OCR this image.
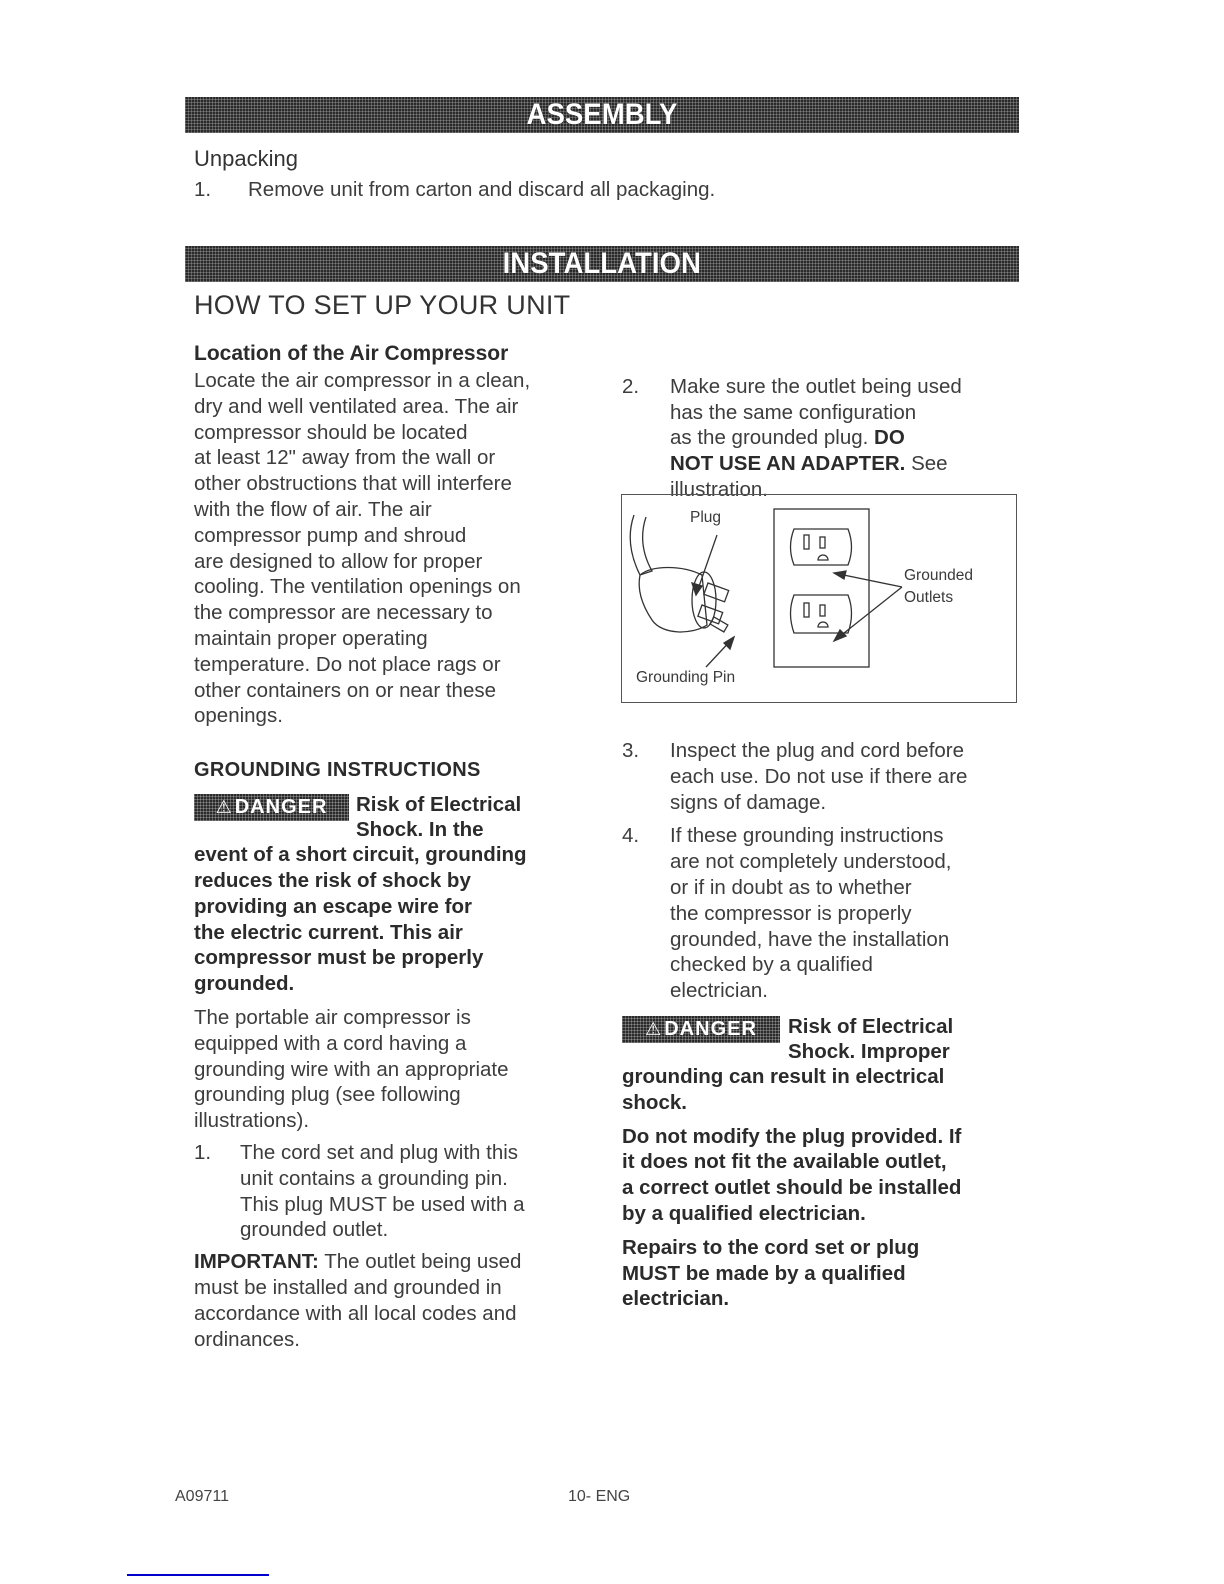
ASSEMBLY
Unpacking
1. Remove unit from carton and discard all packaging.
INSTALLATION
HOW TO SET UP YOUR UNIT
Location of the Air Compressor

Locate the air compressor in a clean,
dry and well ventilated area. The air
compressor should be located
at least 12" away from the wall or
other obstructions that will interfere
with the flow of air. The air
compressor pump and shroud
are designed to allow for proper
cooling. The ventilation openings on
the compressor are necessary to
maintain proper operating
temperature. Do not place rags or
other containers on or near these
openings.

GROUNDING INSTRUCTIONS
⚠ DANGER Risk of Electrical
Shock. In the

event of a short circuit, grounding
reduces the risk of shock by
providing an escape wire for
the electric current. This air
compressor must be properly
grounded.

The portable air compressor is
equipped with a cord having a
grounding wire with an appropriate
grounding plug (see following
illustrations).

1. The cord set and plug with this
unit contains a grounding pin.
This plug MUST be used with a
grounded outlet.

IMPORTANT: The outlet being used
must be installed and grounded in
accordance with all local codes and
ordinances.

2. Make sure the outlet being used
has the same configuration
as the grounded plug. DO
NOT USE AN ADAPTER. See
illustration.
Plug
Grounded
Outlets
Grounding Pin
3. Inspect the plug and cord before
each use. Do not use if there are
signs of damage.
4. If these grounding instructions
are not completely understood,
or if in doubt as to whether
the compressor is properly
grounded, have the installation
checked by a qualified
electrician.
⚠ DANGER Risk of Electrical
Shock. Improper

grounding can result in electrical
shock.

Do not modify the plug provided. If
it does not fit the available outlet,
a correct outlet should be installed
by a qualified electrician.

Repairs to the cord set or plug
MUST be made by a qualified
electrician.

A09711	10- ENG
